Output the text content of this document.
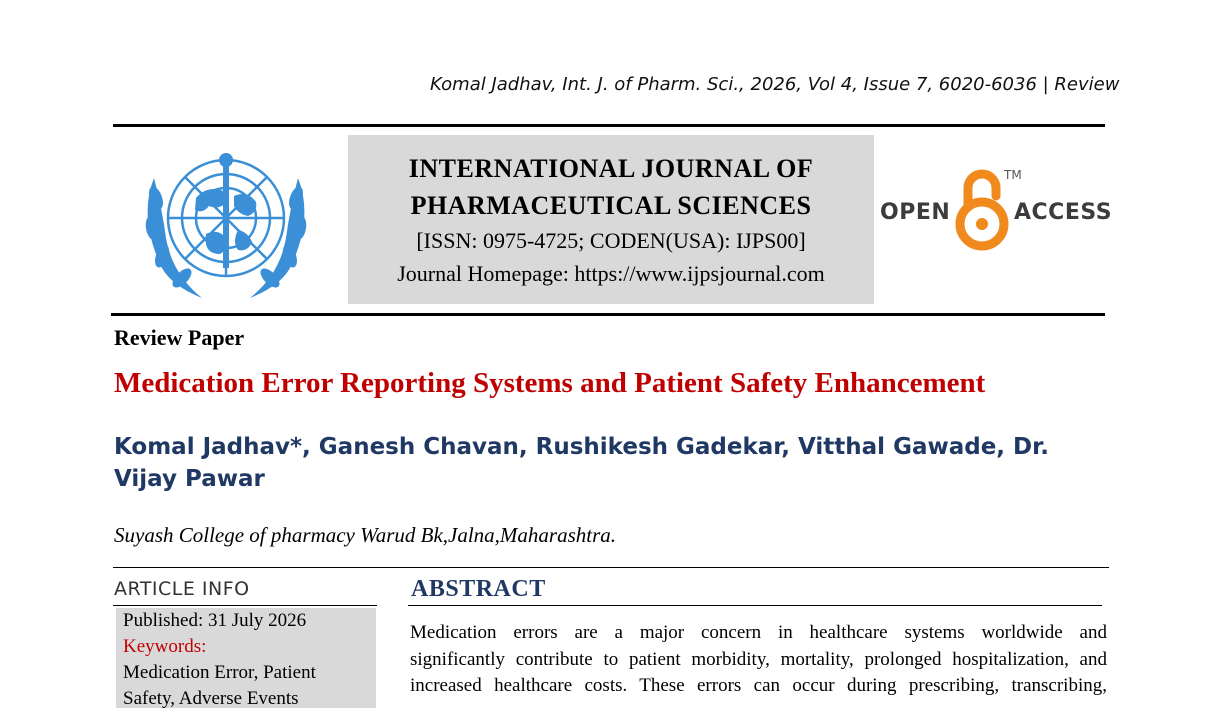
Komal Jadhav, Int. J. of Pharm. Sci., 2026, Vol 4, Issue 7, 6020-6036 | Review
INTERNATIONAL JOURNAL OF
PHARMACEUTICAL SCIENCES
[ISSN: 0975-4725; CODEN(USA): IJPS00]
Journal Homepage: https://www.ijpsjournal.com
OPEN	ACCESS
TM
Review Paper
Medication Error Reporting Systems and Patient Safety Enhancement
Komal Jadhav*, Ganesh Chavan, Rushikesh Gadekar, Vitthal Gawade, Dr. Vijay Pawar
Suyash College of pharmacy Warud Bk,Jalna,Maharashtra.
ARTICLE INFO
Published: 31 July 2026
Keywords:
Medication Error, Patient
Safety, Adverse Events
ABSTRACT
Medication errors are a major concern in healthcare systems worldwide and
significantly contribute to patient morbidity, mortality, prolonged hospitalization, and
increased healthcare costs. These errors can occur during prescribing, transcribing,
